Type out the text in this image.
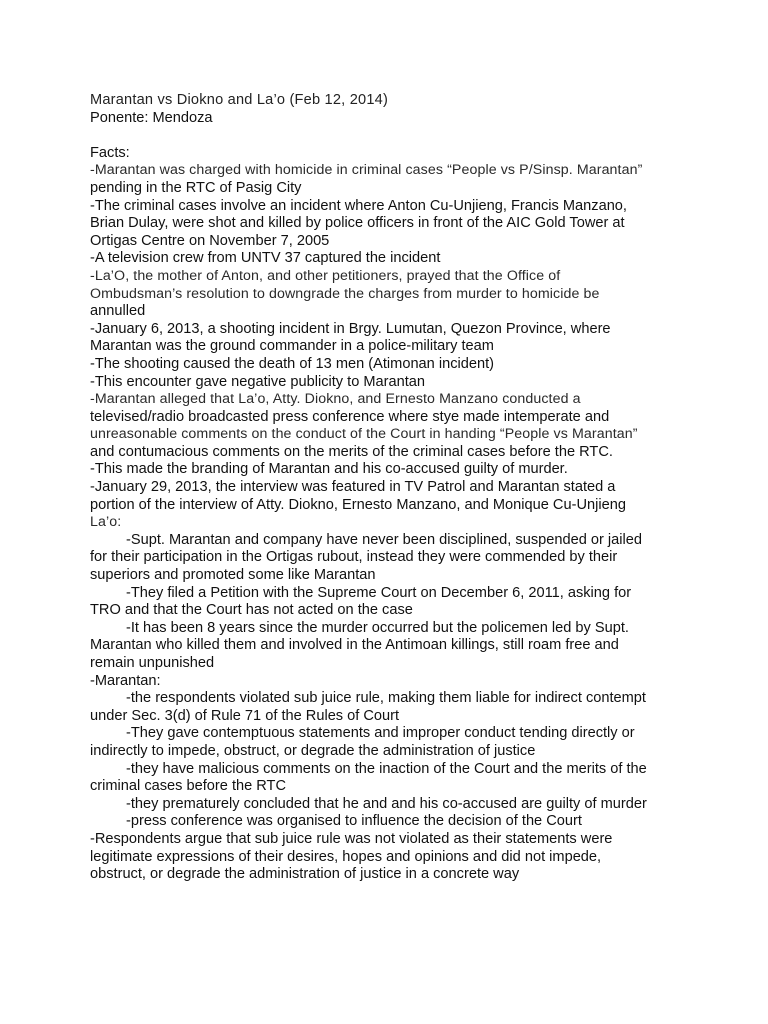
Marantan vs Diokno and La’o (Feb 12, 2014)

Ponente: Mendoza

Facts:

-Marantan was charged with homicide in criminal cases “People vs P/Sinsp. Marantan”

pending in the RTC of Pasig City

-The criminal cases involve an incident where Anton Cu-Unjieng, Francis Manzano,

Brian Dulay, were shot and killed by police officers in front of the AIC Gold Tower at

Ortigas Centre on November 7, 2005

-A television crew from UNTV 37 captured the incident

-La’O, the mother of Anton, and other petitioners, prayed that the Office of

Ombudsman’s resolution to downgrade the charges from murder to homicide be

annulled

-January 6, 2013, a shooting incident in Brgy. Lumutan, Quezon Province, where

Marantan was the ground commander in a police-military team

-The shooting caused the death of 13 men (Atimonan incident)

-This encounter gave negative publicity to Marantan

-Marantan alleged that La’o, Atty. Diokno, and Ernesto Manzano conducted a

televised/radio broadcasted press conference where stye made intemperate and

unreasonable comments on the conduct of the Court in handing “People vs Marantan”

and contumacious comments on the merits of the criminal cases before the RTC.

-This made the branding of Marantan and his co-accused guilty of murder.

-January 29, 2013, the interview was featured in TV Patrol and Marantan stated a

portion of the interview of Atty. Diokno, Ernesto Manzano, and Monique Cu-Unjieng

La’o:

-Supt. Marantan and company have never been disciplined, suspended or jailed

for their participation in the Ortigas rubout, instead they were commended by their

superiors and promoted some like Marantan

-They filed a Petition with the Supreme Court on December 6, 2011, asking for

TRO and that the Court has not acted on the case

-It has been 8 years since the murder occurred but the policemen led by Supt.

Marantan who killed them and involved in the Antimoan killings, still roam free and

remain unpunished

-Marantan:

-the respondents violated sub juice rule, making them liable for indirect contempt

under Sec. 3(d) of Rule 71 of the Rules of Court

-They gave contemptuous statements and improper conduct tending directly or

indirectly to impede, obstruct, or degrade the administration of justice

-they have malicious comments on the inaction of the Court and the merits of the

criminal cases before the RTC

-they prematurely concluded that he and and his co-accused are guilty of murder

-press conference was organised to influence the decision of the Court

-Respondents argue that sub juice rule was not violated as their statements were

legitimate expressions of their desires, hopes and opinions and did not impede,

obstruct, or degrade the administration of justice in a concrete way
